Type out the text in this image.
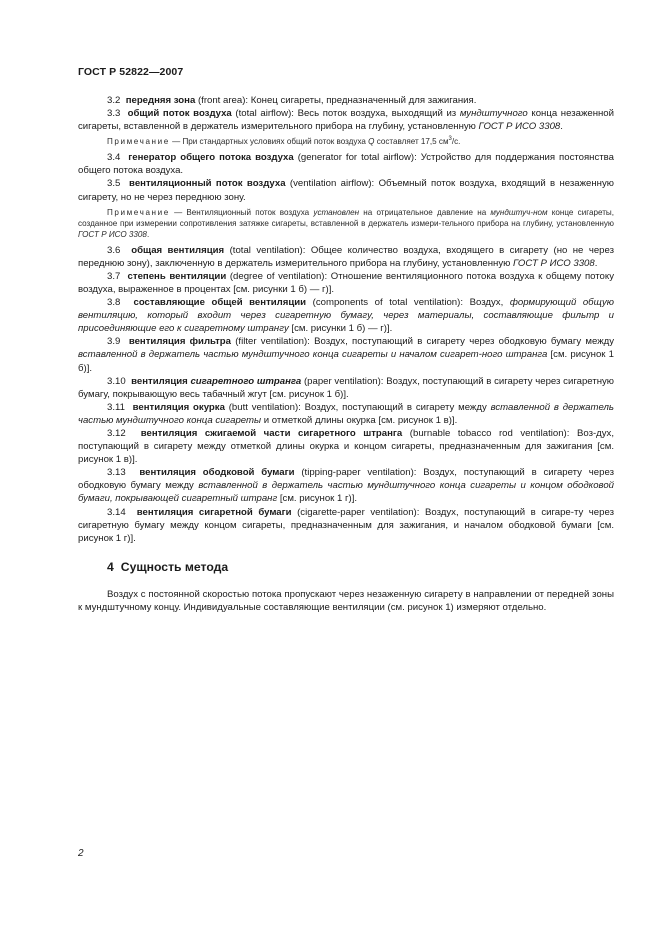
ГОСТ Р 52822—2007

3.2 передняя зона (front area): Конец сигареты, предназначенный для зажигания.

3.3 общий поток воздуха (total airflow): Весь поток воздуха, выходящий из мундштучного конца незаженной сигареты, вставленной в держатель измерительного прибора на глубину, установленную ГОСТ Р ИСО 3308.

Примечание — При стандартных условиях общий поток воздуха Q составляет 17,5 $см^3/с$.

3.4 генератор общего потока воздуха (generator for total airflow): Устройство для поддержания постоянства общего потока воздуха.

3.5 вентиляционный поток воздуха (ventilation airflow): Объемный поток воздуха, входящий в незаженную сигарету, но не через переднюю зону.

Примечание — Вентиляционный поток воздуха установлен на отрицательное давление на мундштуч-ном конце сигареты, созданное при измерении сопротивления затяжке сигареты, вставленной в держатель измери-тельного прибора на глубину, установленную ГОСТ Р ИСО 3308.

3.6 общая вентиляция (total ventilation): Общее количество воздуха, входящего в сигарету (но не через переднюю зону), заключенную в держатель измерительного прибора на глубину, установленную ГОСТ Р ИСО 3308.

3.7 степень вентиляции (degree of ventilation): Отношение вентиляционного потока воздуха к общему потоку воздуха, выраженное в процентах [см. рисунки 1 б) — г)].

3.8 составляющие общей вентиляции (components of total ventilation): Воздух, формирующий общую вентиляцию, который входит через сигаретную бумагу, через материалы, составляющие фильтр и присоединяющие его к сигаретному штрангу [см. рисунки 1 б) — г)].

3.9 вентиляция фильтра (filter ventilation): Воздух, поступающий в сигарету через ободковую бумагу между вставленной в держатель частью мундштучного конца сигареты и началом сигарет-ного штранга [см. рисунок 1 б)].

3.10 вентиляция сигаретного штранга (paper ventilation): Воздух, поступающий в сигарету через сигаретную бумагу, покрывающую весь табачный жгут [см. рисунок 1 б)].

3.11 вентиляция окурка (butt ventilation): Воздух, поступающий в сигарету между вставленной в держатель частью мундштучного конца сигареты и отметкой длины окурка [см. рисунок 1 в)].

3.12 вентиляция сжигаемой части сигаретного штранга (burnable tobacco rod ventilation): Воз-дух, поступающий в сигарету между отметкой длины окурка и концом сигареты, предназначенным для зажигания [см. рисунок 1 в)].

3.13 вентиляция ободковой бумаги (tipping-paper ventilation): Воздух, поступающий в сигарету через ободковую бумагу между вставленной в держатель частью мундштучного конца сигареты и концом ободковой бумаги, покрывающей сигаретный штранг [см. рисунок 1 г)].

3.14 вентиляция сигаретной бумаги (cigarette-paper ventilation): Воздух, поступающий в сигаре-ту через сигаретную бумагу между концом сигареты, предназначенным для зажигания, и началом ободковой бумаги [см. рисунок 1 г)].

4 Сущность метода

Воздух с постоянной скоростью потока пропускают через незаженную сигарету в направлении от передней зоны к мундштучному концу. Индивидуальные составляющие вентиляции (см. рисунок 1) измеряют отдельно.

2
